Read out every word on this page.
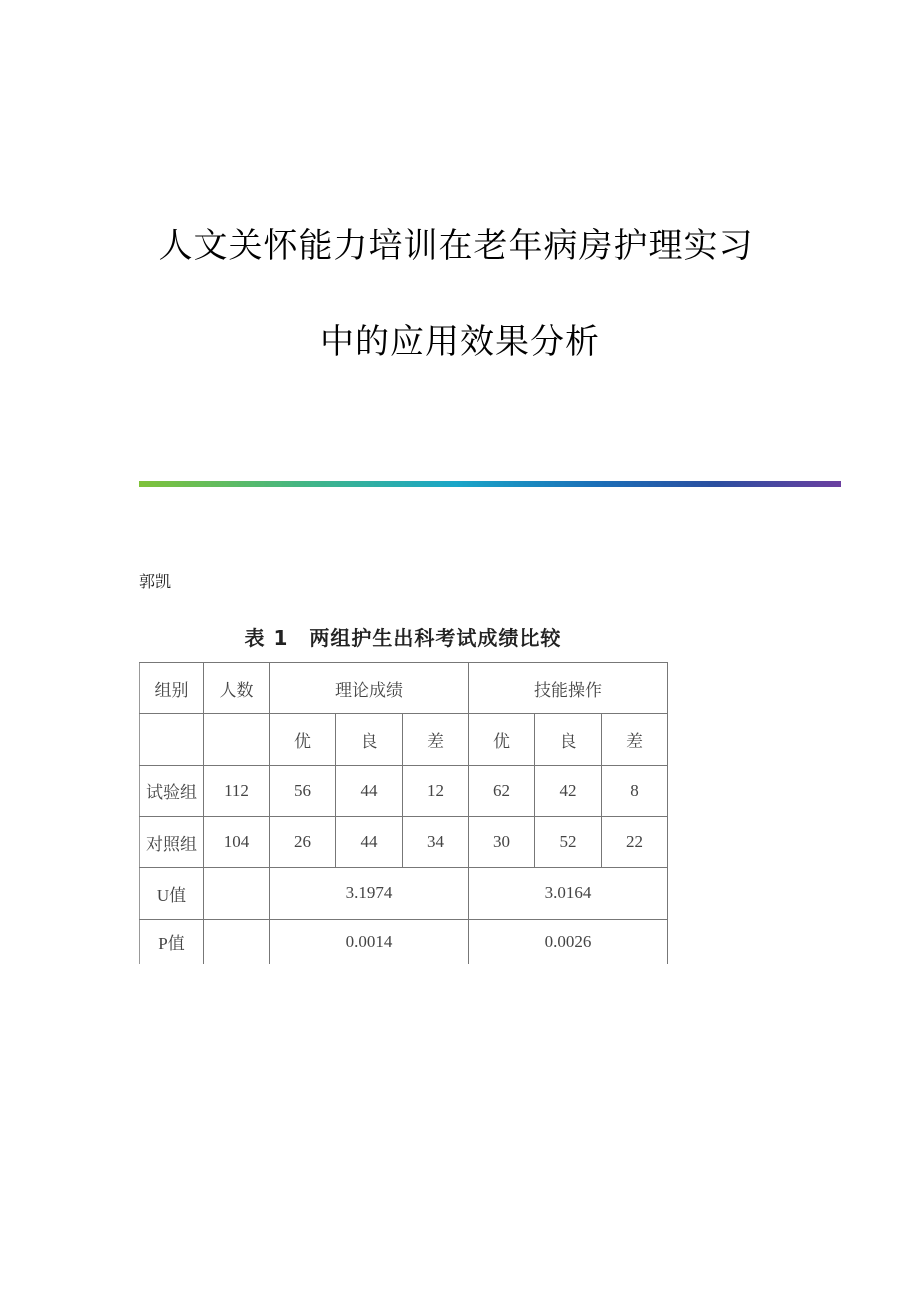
人文关怀能力培训在老年病房护理实习
中的应用效果分析
郭凯
表 1　两组护生出科考试成绩比较
组别	人数	理论成绩			技能操作		
		优	良	差	优	良	差
试验组	112	56	44	12	62	42	8
对照组	104	26	44	34	30	52	22
U值		3.1974			3.0164		
P值		0.0014			0.0026		
